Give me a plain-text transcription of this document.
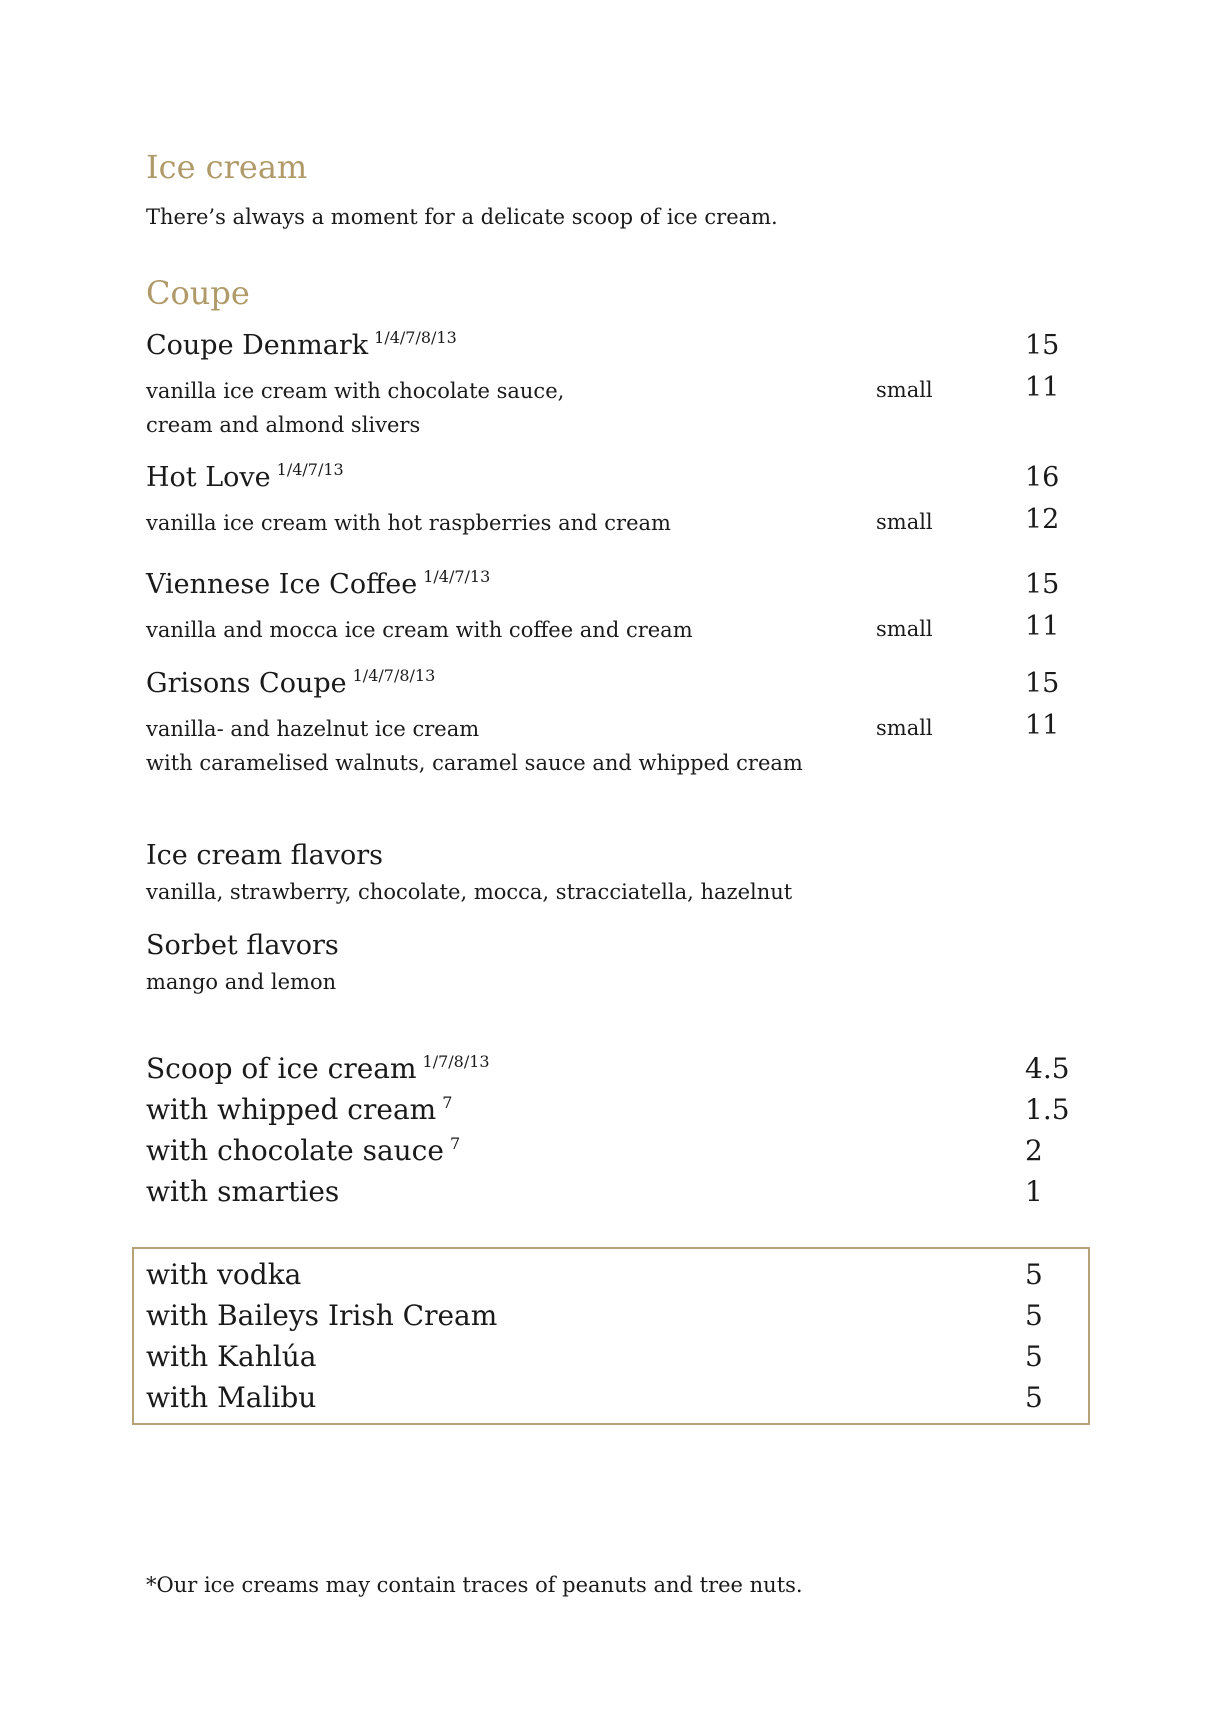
Ice cream
There’s always a moment for a delicate scoop of ice cream.
Coupe
Coupe Denmark $^{1/4/7/8/13}$	15
vanilla ice cream with chocolate sauce,
cream and almond slivers
small	11
Hot Love $^{1/4/7/13}$	16
vanilla ice cream with hot raspberries and cream	small	12
Viennese Ice Coffee $^{1/4/7/13}$	15
vanilla and mocca ice cream with coffee and cream	small	11
Grisons Coupe $^{1/4/7/8/13}$	15
vanilla- and hazelnut ice cream
with caramelised walnuts, caramel sauce and whipped cream
small	11
Ice cream flavors
vanilla, strawberry, chocolate, mocca, stracciatella, hazelnut
Sorbet flavors
mango and lemon
Scoop of ice cream $^{1/7/8/13}$	4.5
with whipped cream $^7$	1.5
with chocolate sauce $^7$	2
with smarties	1
with vodka	5
with Baileys Irish Cream	5
with Kahlúa	5
with Malibu	5
*Our ice creams may contain traces of peanuts and tree nuts.
